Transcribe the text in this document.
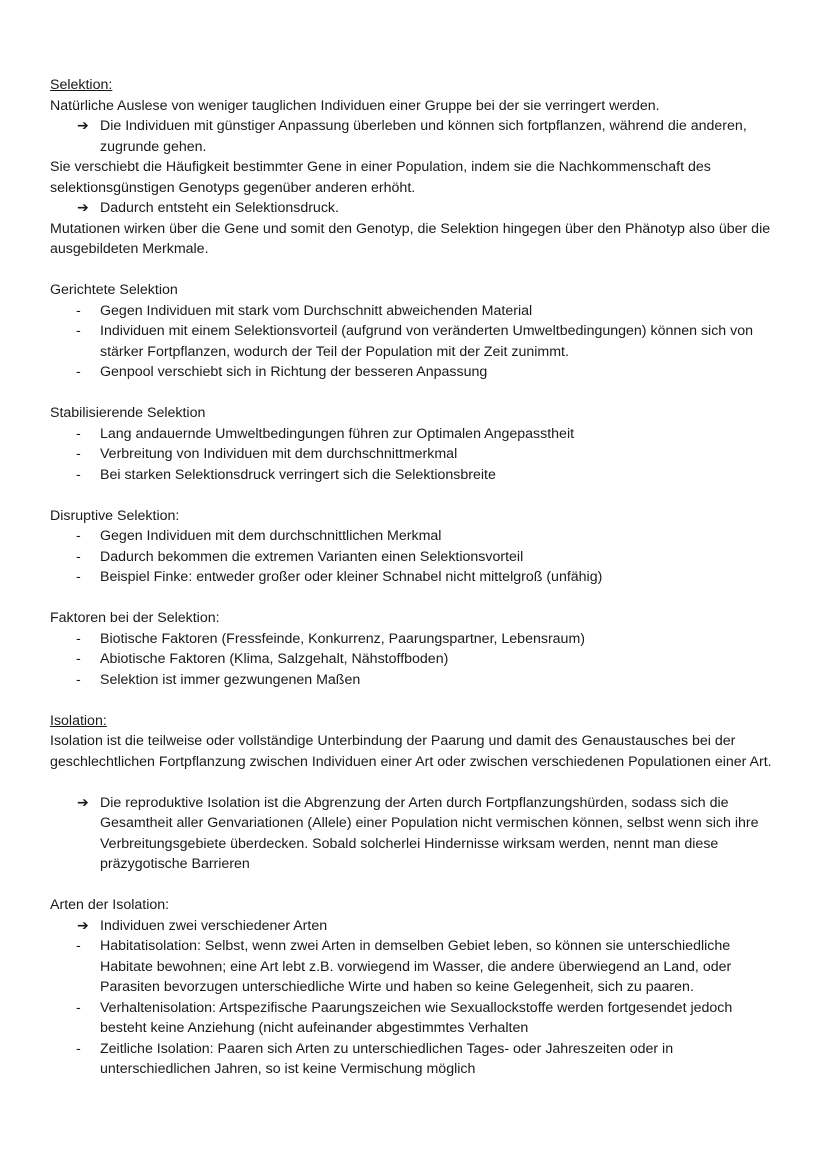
Selektion:

Natürliche Auslese von weniger tauglichen Individuen einer Gruppe bei der sie verringert werden.

➔ Die Individuen mit günstiger Anpassung überleben und können sich fortpflanzen, während die anderen, zugrunde gehen.

Sie verschiebt die Häufigkeit bestimmter Gene in einer Population, indem sie die Nachkommenschaft des selektionsgünstigen Genotyps gegenüber anderen erhöht.

➔ Dadurch entsteht ein Selektionsdruck.

Mutationen wirken über die Gene und somit den Genotyp, die Selektion hingegen über den Phänotyp also über die ausgebildeten Merkmale.

Gerichtete Selektion

- Gegen Individuen mit stark vom Durchschnitt abweichenden Material
- Individuen mit einem Selektionsvorteil (aufgrund von veränderten Umweltbedingungen) können sich von stärker Fortpflanzen, wodurch der Teil der Population mit der Zeit zunimmt.
- Genpool verschiebt sich in Richtung der besseren Anpassung

Stabilisierende Selektion

- Lang andauernde Umweltbedingungen führen zur Optimalen Angepasstheit
- Verbreitung von Individuen mit dem durchschnittmerkmal
- Bei starken Selektionsdruck verringert sich die Selektionsbreite

Disruptive Selektion:

- Gegen Individuen mit dem durchschnittlichen Merkmal
- Dadurch bekommen die extremen Varianten einen Selektionsvorteil
- Beispiel Finke: entweder großer oder kleiner Schnabel nicht mittelgroß (unfähig)

Faktoren bei der Selektion:

- Biotische Faktoren (Fressfeinde, Konkurrenz, Paarungspartner, Lebensraum)
- Abiotische Faktoren (Klima, Salzgehalt, Nähstoffboden)
- Selektion ist immer gezwungenen Maßen

Isolation:

Isolation ist die teilweise oder vollständige Unterbindung der Paarung und damit des Genaustausches bei der geschlechtlichen Fortpflanzung zwischen Individuen einer Art oder zwischen verschiedenen Populationen einer Art.

➔ Die reproduktive Isolation ist die Abgrenzung der Arten durch Fortpflanzungshürden, sodass sich die Gesamtheit aller Genvariationen (Allele) einer Population nicht vermischen können, selbst wenn sich ihre Verbreitungsgebiete überdecken. Sobald solcherlei Hindernisse wirksam werden, nennt man diese präzygotische Barrieren

Arten der Isolation:

➔ Individuen zwei verschiedener Arten
- Habitatisolation: Selbst, wenn zwei Arten in demselben Gebiet leben, so können sie unterschiedliche Habitate bewohnen; eine Art lebt z.B. vorwiegend im Wasser, die andere überwiegend an Land, oder Parasiten bevorzugen unterschiedliche Wirte und haben so keine Gelegenheit, sich zu paaren.
- Verhaltenisolation: Artspezifische Paarungszeichen wie Sexuallockstoffe werden fortgesendet jedoch besteht keine Anziehung (nicht aufeinander abgestimmtes Verhalten
- Zeitliche Isolation: Paaren sich Arten zu unterschiedlichen Tages- oder Jahreszeiten oder in unterschiedlichen Jahren, so ist keine Vermischung möglich
